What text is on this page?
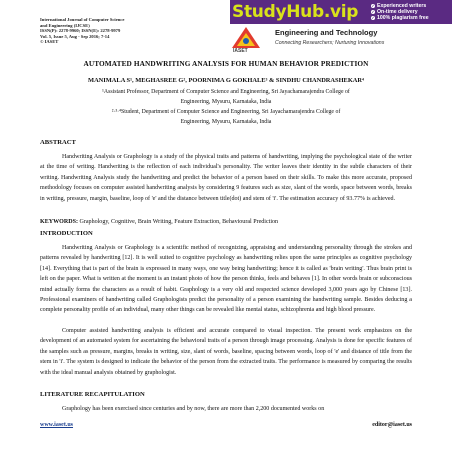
StudyHub.vip	✓ Experienced writers
✓ On-time delivery
✓ 100% plagiarism free
International Journal of Computer Science
and Engineering (IJCSE)
ISSN(P): 2278-9960; ISSN(E): 2278-9979
Vol. 5, Issue 5, Aug - Sep 2016; 7-14
© IASET
IASET
Engineering and Technology
Connecting Researchers; Nurturing Innovations
AUTOMATED HANDWRITING ANALYSIS FOR HUMAN BEHAVIOR PREDICTION
MANIMALA S¹, MEGHASREE G², POORNIMA G GOKHALE³ & SINDHU CHANDRASHEKAR⁴
¹Assistant Professor, Department of Computer Science and Engineering, Sri Jayachamarajendra College of
Engineering, Mysuru, Karnataka, India
²·³·⁴Student, Department of Computer Science and Engineering, Sri Jayachamarajendra College of
Engineering, Mysuru, Karnataka, India
ABSTRACT
Handwriting Analysis or Graphology is a study of the physical traits and patterns of handwriting, implying the psychological state of the writer at the time of writing. Handwriting is the reflection of each individual's personality. The writer leaves their identity in the subtle characters of their writing. Handwriting Analysis study the handwriting and predict the behavior of a person based on their skills. To make this more accurate, proposed methodology focuses on computer assisted handwriting analysis by considering 9 features such as size, slant of the words, space between words, breaks in writing, pressure, margin, baseline, loop of 'e' and the distance between title(dot) and stem of 'i'. The estimation accuracy of 93.77% is achieved.
KEYWORDS: Graphology, Cognitive, Brain Writing, Feature Extraction, Behavioural Prediction
INTRODUCTION
Handwriting Analysis or Graphology is a scientific method of recognizing, appraising and understanding personality through the strokes and patterns revealed by handwriting [12]. It is well suited to cognitive psychology as handwriting relies upon the same principles as cognitive psychology [14]. Everything that is part of the brain is expressed in many ways, one way being handwriting; hence it is called as 'brain writing'. Thus brain print is left on the paper. What is written at the moment is an instant photo of how the person thinks, feels and behaves [1]. In other words brain or subconscious mind actually forms the characters as a result of habit. Graphology is a very old and respected science developed 3,000 years ago by Chinese [13]. Professional examiners of handwriting called Graphologists predict the personality of a person examining the handwriting sample. Besides deducing a complete personality profile of an individual, many other things can be revealed like mental status, schizophrenia and high blood pressure.
Computer assisted handwriting analysis is efficient and accurate compared to visual inspection. The present work emphasizes on the development of an automated system for ascertaining the behavioral traits of a person through image processing. Analysis is done for specific features of the samples such as pressure, margins, breaks in writing, size, slant of words, baseline, spacing between words, loop of 'e' and distance of title from the stem in 'i'. The system is designed to indicate the behavior of the person from the extracted traits. The performance is measured by comparing the results with the ideal manual analysis obtained by graphologist.
LITERATURE RECAPITULATION
Graphology has been exercised since centuries and by now, there are more than 2,200 documented works on
www.iaset.us	editor@iaset.us
